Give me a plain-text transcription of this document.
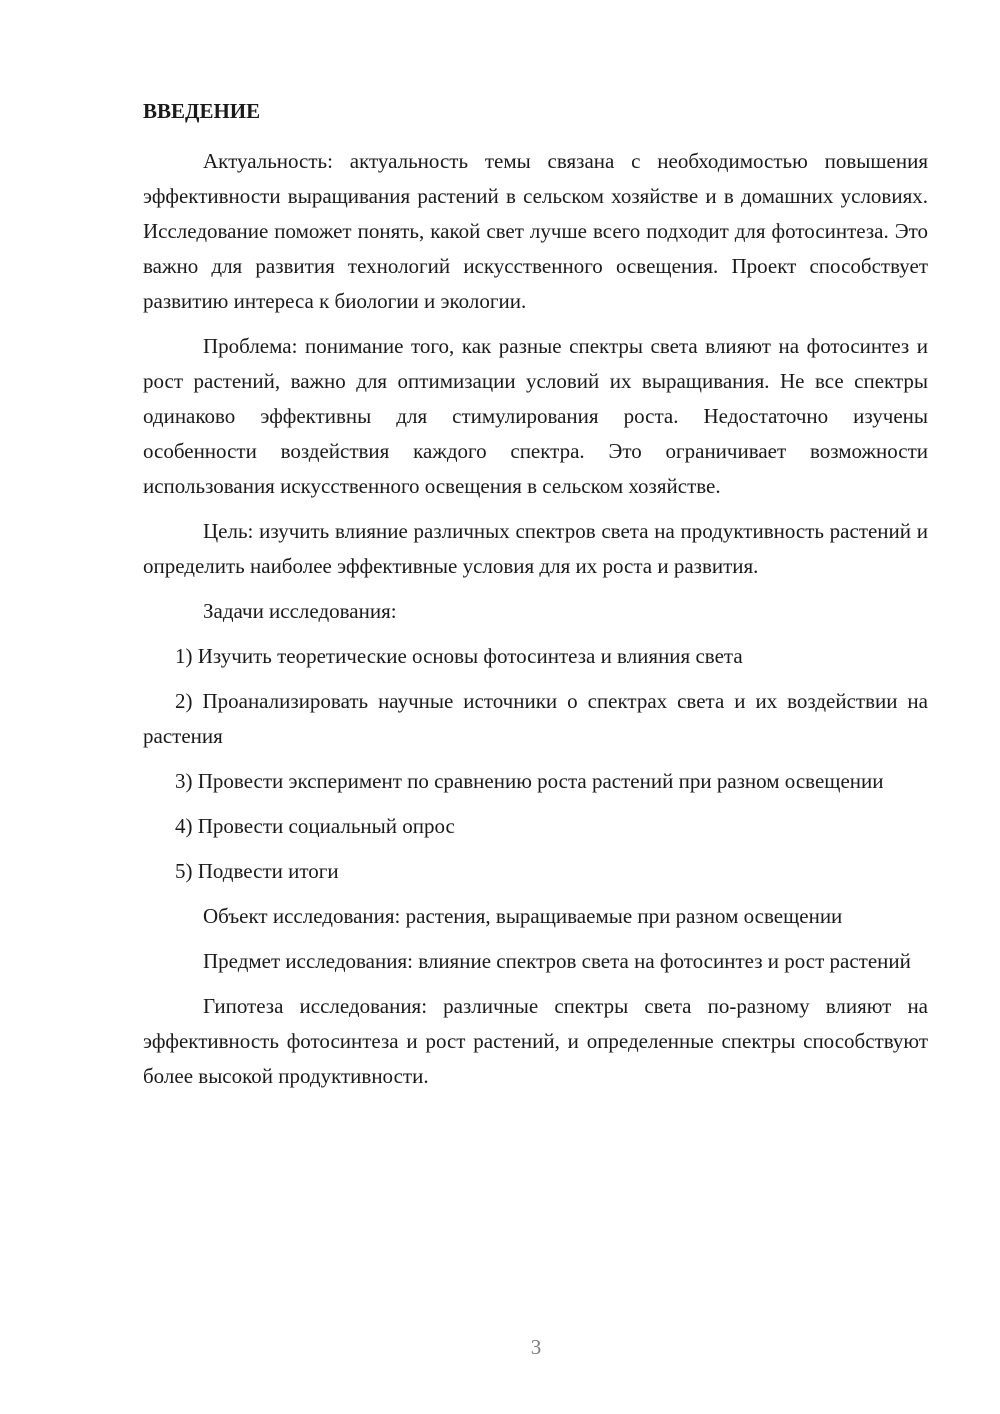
ВВЕДЕНИЕ

Актуальность: актуальность темы связана с необходимостью повышения эффективности выращивания растений в сельском хозяйстве и в домашних условиях. Исследование поможет понять, какой свет лучше всего подходит для фотосинтеза. Это важно для развития технологий искусственного освещения. Проект способствует развитию интереса к биологии и экологии.

Проблема: понимание того, как разные спектры света влияют на фотосинтез и рост растений, важно для оптимизации условий их выращивания. Не все спектры одинаково эффективны для стимулирования роста. Недостаточно изучены особенности воздействия каждого спектра. Это ограничивает возможности использования искусственного освещения в сельском хозяйстве.

Цель: изучить влияние различных спектров света на продуктивность растений и определить наиболее эффективные условия для их роста и развития.

Задачи исследования:

1) Изучить теоретические основы фотосинтеза и влияния света

2) Проанализировать научные источники о спектрах света и их воздействии на растения

3) Провести эксперимент по сравнению роста растений при разном освещении

4) Провести социальный опрос

5) Подвести итоги

Объект исследования: растения, выращиваемые при разном освещении

Предмет исследования: влияние спектров света на фотосинтез и рост растений

Гипотеза исследования: различные спектры света по-разному влияют на эффективность фотосинтеза и рост растений, и определенные спектры способствуют более высокой продуктивности.

3
